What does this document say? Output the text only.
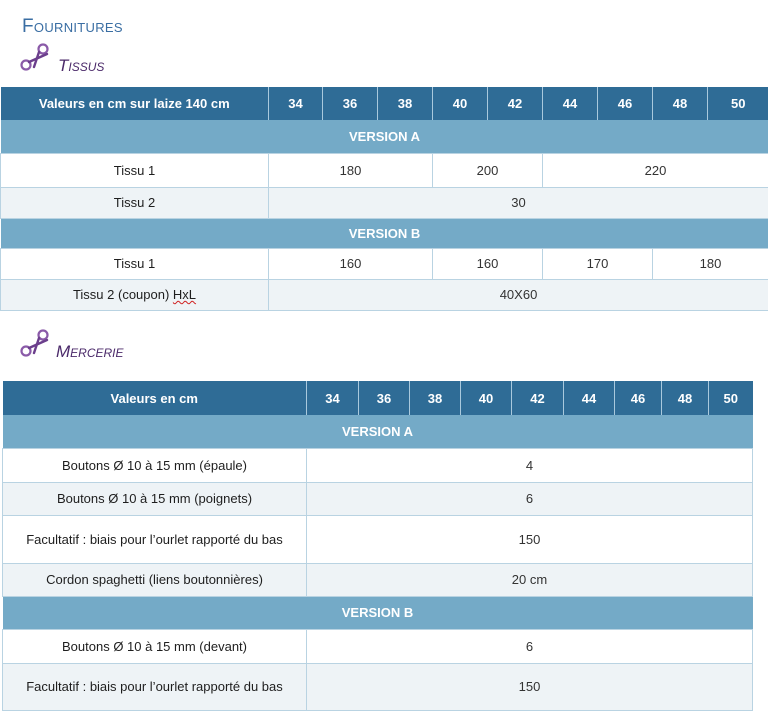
Fournitures
Tissus
Valeurs en cm sur laize 140 cm	34	36	38	40	42	44	46	48	50
VERSION A									
Tissu 1	180			200		220			
Tissu 2	30								
VERSION B									
Tissu 1	160			160		170		180	
Tissu 2 (coupon) HxL	40X60								
Mercerie
Valeurs en cm	34	36	38	40	42	44	46	48	50
VERSION A									
Boutons Ø 10 à 15 mm (épaule)	4								
Boutons Ø 10 à 15 mm (poignets)	6								
Facultatif : biais pour l’ourlet rapporté du bas	150								
Cordon spaghetti (liens boutonnières)	20 cm								
VERSION B									
Boutons Ø 10 à 15 mm (devant)	6								
Facultatif : biais pour l’ourlet rapporté du bas	150								
